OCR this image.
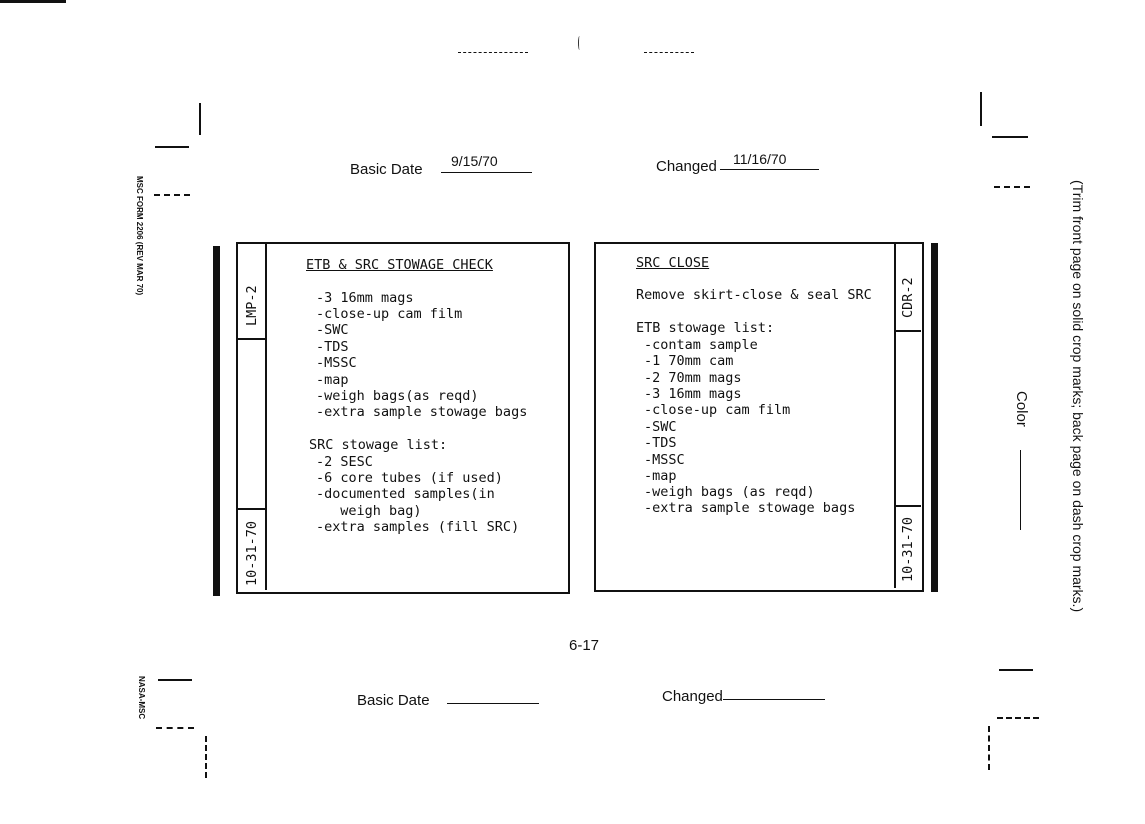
MSC FORM 2206 (REV MAR 70)
NASA-MSC
(Trim front page on solid crop marks; back page on dash crop marks.)
Color
Basic Date 9/15/70	Changed 11/16/70
LMP-2
10-31-70
ETB & SRC STOWAGE CHECK
-3 16mm mags
-close-up cam film
-SWC
-TDS
-MSSC
-map
-weigh bags(as reqd)
-extra sample stowage bags
SRC stowage list:
-2 SESC
-6 core tubes (if used)
-documented samples(in
weigh bag)
-extra samples (fill SRC)
CDR-2
10-31-70
SRC CLOSE
Remove skirt-close & seal SRC
ETB stowage list:
-contam sample
-1 70mm cam
-2 70mm mags
-3 16mm mags
-close-up cam film
-SWC
-TDS
-MSSC
-map
-weigh bags (as reqd)
-extra sample stowage bags
6-17
Basic Date	Changed
